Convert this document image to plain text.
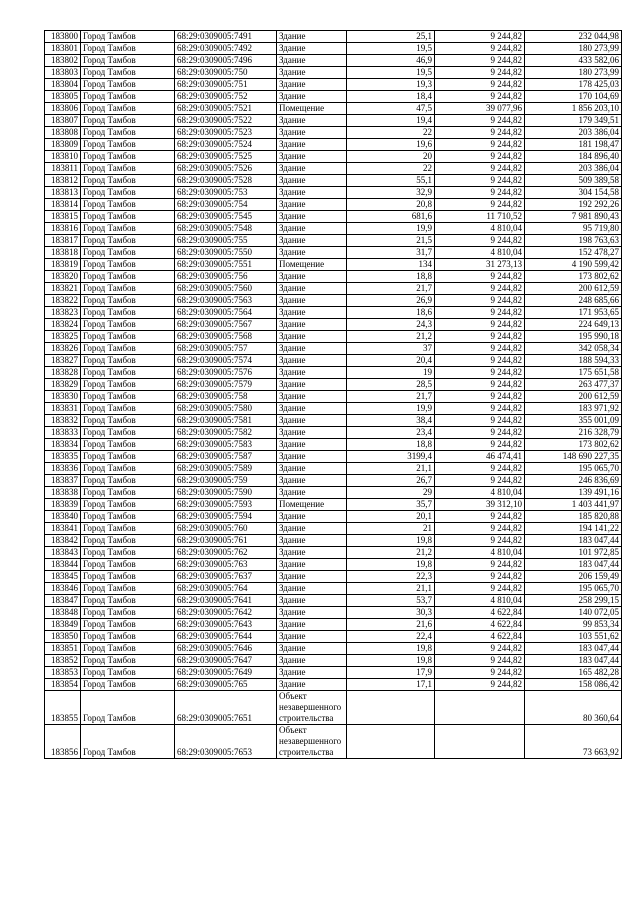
183800	Город Тамбов	68:29:0309005:7491	Здание	25,1	9 244,82	232 044,98
183801	Город Тамбов	68:29:0309005:7492	Здание	19,5	9 244,82	180 273,99
183802	Город Тамбов	68:29:0309005:7496	Здание	46,9	9 244,82	433 582,06
183803	Город Тамбов	68:29:0309005:750	Здание	19,5	9 244,82	180 273,99
183804	Город Тамбов	68:29:0309005:751	Здание	19,3	9 244,82	178 425,03
183805	Город Тамбов	68:29:0309005:752	Здание	18,4	9 244,82	170 104,69
183806	Город Тамбов	68:29:0309005:7521	Помещение	47,5	39 077,96	1 856 203,10
183807	Город Тамбов	68:29:0309005:7522	Здание	19,4	9 244,82	179 349,51
183808	Город Тамбов	68:29:0309005:7523	Здание	22	9 244,82	203 386,04
183809	Город Тамбов	68:29:0309005:7524	Здание	19,6	9 244,82	181 198,47
183810	Город Тамбов	68:29:0309005:7525	Здание	20	9 244,82	184 896,40
183811	Город Тамбов	68:29:0309005:7526	Здание	22	9 244,82	203 386,04
183812	Город Тамбов	68:29:0309005:7528	Здание	55,1	9 244,82	509 389,58
183813	Город Тамбов	68:29:0309005:753	Здание	32,9	9 244,82	304 154,58
183814	Город Тамбов	68:29:0309005:754	Здание	20,8	9 244,82	192 292,26
183815	Город Тамбов	68:29:0309005:7545	Здание	681,6	11 710,52	7 981 890,43
183816	Город Тамбов	68:29:0309005:7548	Здание	19,9	4 810,04	95 719,80
183817	Город Тамбов	68:29:0309005:755	Здание	21,5	9 244,82	198 763,63
183818	Город Тамбов	68:29:0309005:7550	Здание	31,7	4 810,04	152 478,27
183819	Город Тамбов	68:29:0309005:7551	Помещение	134	31 273,13	4 190 599,42
183820	Город Тамбов	68:29:0309005:756	Здание	18,8	9 244,82	173 802,62
183821	Город Тамбов	68:29:0309005:7560	Здание	21,7	9 244,82	200 612,59
183822	Город Тамбов	68:29:0309005:7563	Здание	26,9	9 244,82	248 685,66
183823	Город Тамбов	68:29:0309005:7564	Здание	18,6	9 244,82	171 953,65
183824	Город Тамбов	68:29:0309005:7567	Здание	24,3	9 244,82	224 649,13
183825	Город Тамбов	68:29:0309005:7568	Здание	21,2	9 244,82	195 990,18
183826	Город Тамбов	68:29:0309005:757	Здание	37	9 244,82	342 058,34
183827	Город Тамбов	68:29:0309005:7574	Здание	20,4	9 244,82	188 594,33
183828	Город Тамбов	68:29:0309005:7576	Здание	19	9 244,82	175 651,58
183829	Город Тамбов	68:29:0309005:7579	Здание	28,5	9 244,82	263 477,37
183830	Город Тамбов	68:29:0309005:758	Здание	21,7	9 244,82	200 612,59
183831	Город Тамбов	68:29:0309005:7580	Здание	19,9	9 244,82	183 971,92
183832	Город Тамбов	68:29:0309005:7581	Здание	38,4	9 244,82	355 001,09
183833	Город Тамбов	68:29:0309005:7582	Здание	23,4	9 244,82	216 328,79
183834	Город Тамбов	68:29:0309005:7583	Здание	18,8	9 244,82	173 802,62
183835	Город Тамбов	68:29:0309005:7587	Здание	3199,4	46 474,41	148 690 227,35
183836	Город Тамбов	68:29:0309005:7589	Здание	21,1	9 244,82	195 065,70
183837	Город Тамбов	68:29:0309005:759	Здание	26,7	9 244,82	246 836,69
183838	Город Тамбов	68:29:0309005:7590	Здание	29	4 810,04	139 491,16
183839	Город Тамбов	68:29:0309005:7593	Помещение	35,7	39 312,10	1 403 441,97
183840	Город Тамбов	68:29:0309005:7594	Здание	20,1	9 244,82	185 820,88
183841	Город Тамбов	68:29:0309005:760	Здание	21	9 244,82	194 141,22
183842	Город Тамбов	68:29:0309005:761	Здание	19,8	9 244,82	183 047,44
183843	Город Тамбов	68:29:0309005:762	Здание	21,2	4 810,04	101 972,85
183844	Город Тамбов	68:29:0309005:763	Здание	19,8	9 244,82	183 047,44
183845	Город Тамбов	68:29:0309005:7637	Здание	22,3	9 244,82	206 159,49
183846	Город Тамбов	68:29:0309005:764	Здание	21,1	9 244,82	195 065,70
183847	Город Тамбов	68:29:0309005:7641	Здание	53,7	4 810,04	258 299,15
183848	Город Тамбов	68:29:0309005:7642	Здание	30,3	4 622,84	140 072,05
183849	Город Тамбов	68:29:0309005:7643	Здание	21,6	4 622,84	99 853,34
183850	Город Тамбов	68:29:0309005:7644	Здание	22,4	4 622,84	103 551,62
183851	Город Тамбов	68:29:0309005:7646	Здание	19,8	9 244,82	183 047,44
183852	Город Тамбов	68:29:0309005:7647	Здание	19,8	9 244,82	183 047,44
183853	Город Тамбов	68:29:0309005:7649	Здание	17,9	9 244,82	165 482,28
183854	Город Тамбов	68:29:0309005:765	Здание	17,1	9 244,82	158 086,42
183855	Город Тамбов	68:29:0309005:7651	Объект незавершенного строительства			80 360,64
183856	Город Тамбов	68:29:0309005:7653	Объект незавершенного строительства			73 663,92
